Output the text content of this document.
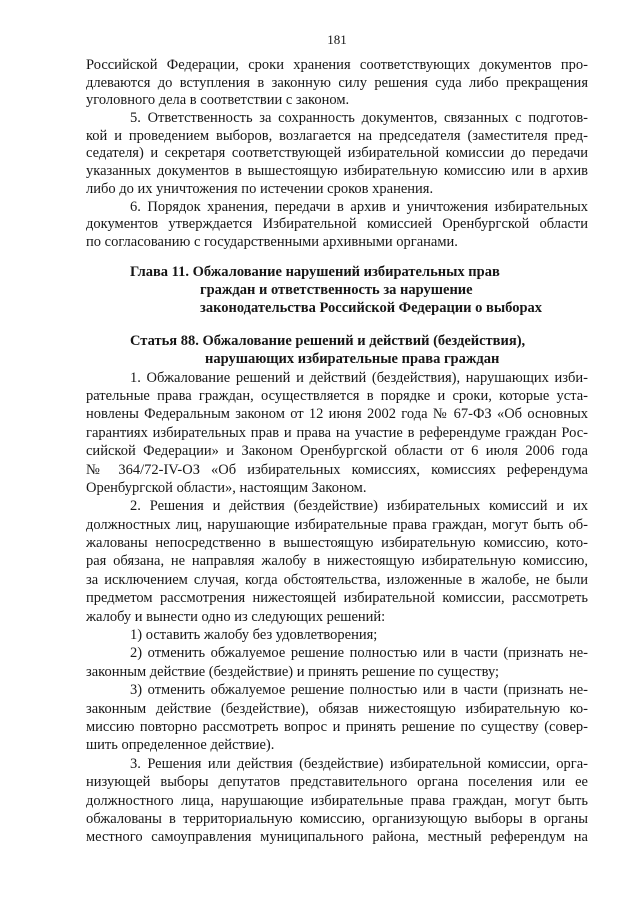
181
Российской Федерации, сроки хранения соответствующих документов про-
длеваются до вступления в законную силу решения суда либо прекращения
уголовного дела в соответствии с законом.
5. Ответственность за сохранность документов, связанных с подготов-
кой и проведением выборов, возлагается на председателя (заместителя пред-
седателя) и секретаря соответствующей избирательной комиссии до передачи
указанных документов в вышестоящую избирательную комиссию или в архив
либо до их уничтожения по истечении сроков хранения.
6. Порядок хранения, передачи в архив и уничтожения избирательных
документов утверждается Избирательной комиссией Оренбургской области
по согласованию с государственными архивными органами.
Глава 11. Обжалование нарушений избирательных прав
граждан и ответственность за нарушение
законодательства Российской Федерации о выборах
Статья 88. Обжалование решений и действий (бездействия),
нарушающих избирательные права граждан
1. Обжалование решений и действий (бездействия), нарушающих изби-
рательные права граждан, осуществляется в порядке и сроки, которые уста-
новлены Федеральным законом от 12 июня 2002 года № 67-ФЗ «Об основных
гарантиях избирательных прав и права на участие в референдуме граждан Рос-
сийской Федерации» и Законом Оренбургской области от 6 июля 2006 года
№ 364/72-IV-ОЗ «Об избирательных комиссиях, комиссиях референдума
Оренбургской области», настоящим Законом.
2. Решения и действия (бездействие) избирательных комиссий и их
должностных лиц, нарушающие избирательные права граждан, могут быть об-
жалованы непосредственно в вышестоящую избирательную комиссию, кото-
рая обязана, не направляя жалобу в нижестоящую избирательную комиссию,
за исключением случая, когда обстоятельства, изложенные в жалобе, не были
предметом рассмотрения нижестоящей избирательной комиссии, рассмотреть
жалобу и вынести одно из следующих решений:
1) оставить жалобу без удовлетворения;
2) отменить обжалуемое решение полностью или в части (признать не-
законным действие (бездействие) и принять решение по существу;
3) отменить обжалуемое решение полностью или в части (признать не-
законным действие (бездействие), обязав нижестоящую избирательную ко-
миссию повторно рассмотреть вопрос и принять решение по существу (совер-
шить определенное действие).
3. Решения или действия (бездействие) избирательной комиссии, орга-
низующей выборы депутатов представительного органа поселения или ее
должностного лица, нарушающие избирательные права граждан, могут быть
обжалованы в территориальную комиссию, организующую выборы в органы
местного самоуправления муниципального района, местный референдум на
